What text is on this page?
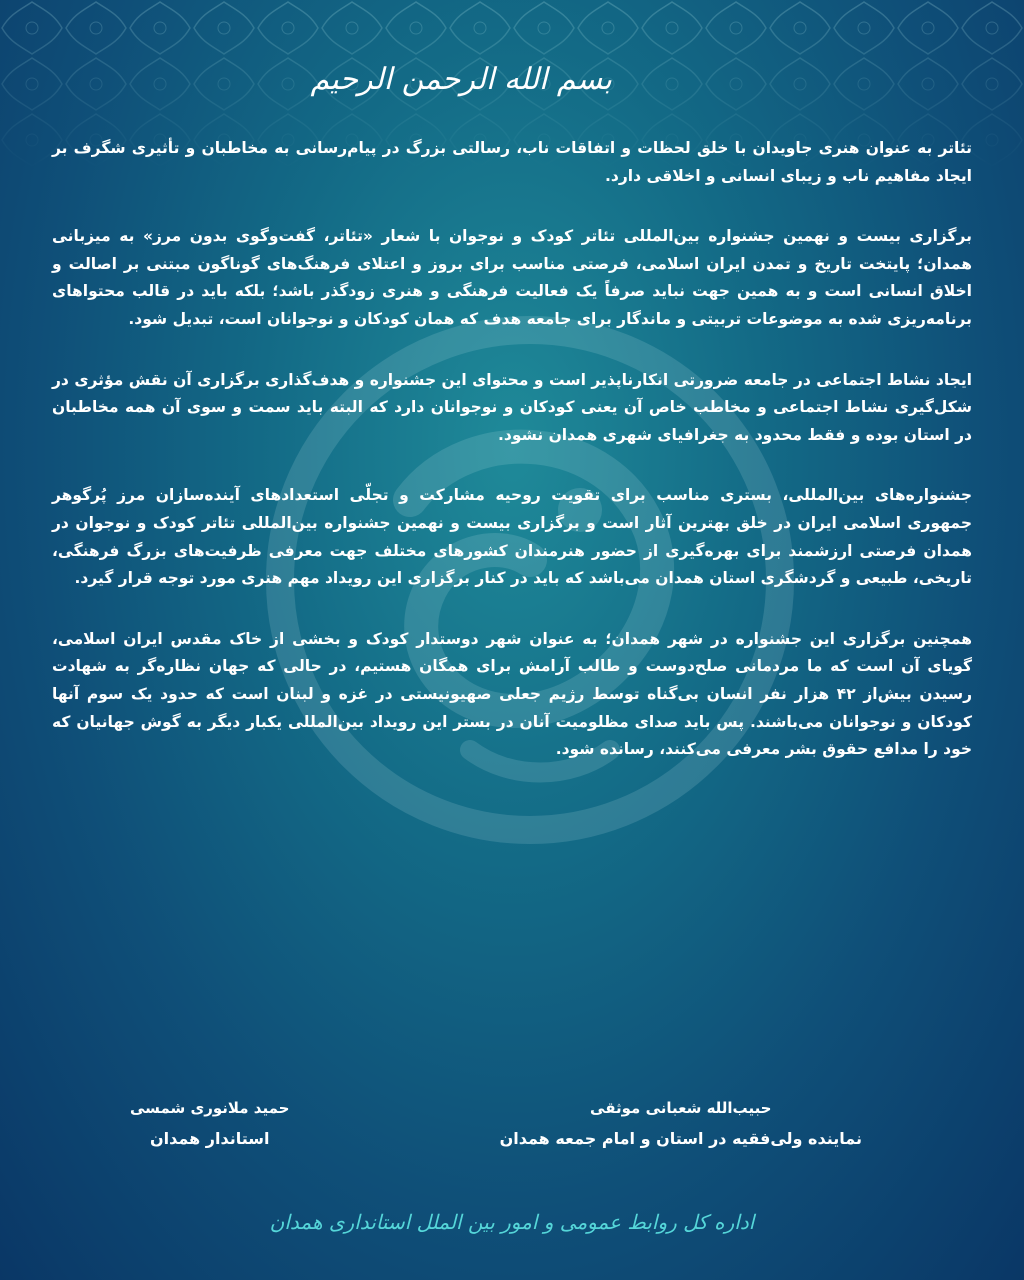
بسم الله الرحمن الرحیم

تئاتر به عنوان هنری جاویدان با خلق لحظات و اتفاقات ناب، رسالتی بزرگ در پیام‌رسانی به مخاطبان و تأثیری شگرف بر ایجاد مفاهیم ناب و زیبای انسانی و اخلاقی دارد.

برگزاری بیست و نهمین جشنواره بین‌المللی تئاتر کودک و نوجوان با شعار «تئاتر، گفت‌وگوی بدون مرز» به میزبانی همدان؛ پایتخت تاریخ و تمدن ایران اسلامی، فرصتی مناسب برای بروز و اعتلای فرهنگ‌های گوناگون مبتنی بر اصالت و اخلاق انسانی است و به همین جهت نباید صرفاً یک فعالیت فرهنگی و هنری زودگذر باشد؛ بلکه باید در قالب محتواهای برنامه‌ریزی شده به موضوعات تربیتی و ماندگار برای جامعه هدف که همان کودکان و نوجوانان است، تبدیل شود.

ایجاد نشاط اجتماعی در جامعه ضرورتی انکارناپذیر است و محتوای این جشنواره و هدف‌گذاری برگزاری آن نقش مؤثری در شکل‌گیری نشاط اجتماعی و مخاطب خاص آن یعنی کودکان و نوجوانان دارد که البته باید سمت و سوی آن همه مخاطبان در استان بوده و فقط محدود به جغرافیای شهری همدان نشود.

جشنواره‌های بین‌المللی، بستری مناسب برای تقویت روحیه مشارکت و تجلّی استعدادهای آینده‌سازان مرز پُرگوهر جمهوری اسلامی ایران در خلق بهترین آثار است و برگزاری بیست و نهمین جشنواره بین‌المللی تئاتر کودک و نوجوان در همدان فرصتی ارزشمند برای بهره‌گیری از حضور هنرمندان کشورهای مختلف جهت معرفی ظرفیت‌های بزرگ فرهنگی، تاریخی، طبیعی و گردشگری استان همدان می‌باشد که باید در کنار برگزاری این رویداد مهم هنری مورد توجه قرار گیرد.

همچنین برگزاری این جشنواره در شهر همدان؛ به عنوان شهر دوستدار کودک و بخشی از خاک مقدس ایران اسلامی، گویای آن است که ما مردمانی صلح‌دوست و طالب آرامش برای همگان هستیم، در حالی که جهان نظاره‌گر به شهادت رسیدن بیش‌از ۴۲ هزار نفر انسان بی‌گناه توسط رژیم جعلی صهیونیستی در غزه و لبنان است که حدود یک سوم آنها کودکان و نوجوانان می‌باشند. پس باید صدای مظلومیت آنان در بستر این رویداد بین‌المللی یکبار دیگر به گوش جهانیان که خود را مدافع حقوق بشر معرفی می‌کنند، رسانده شود.

حبیب‌الله شعبانی موثقی
نماینده ولی‌فقیه در استان و امام جمعه همدان
حمید ملانوری شمسی
استاندار همدان
اداره کل روابط عمومی و امور بین الملل استانداری همدان
